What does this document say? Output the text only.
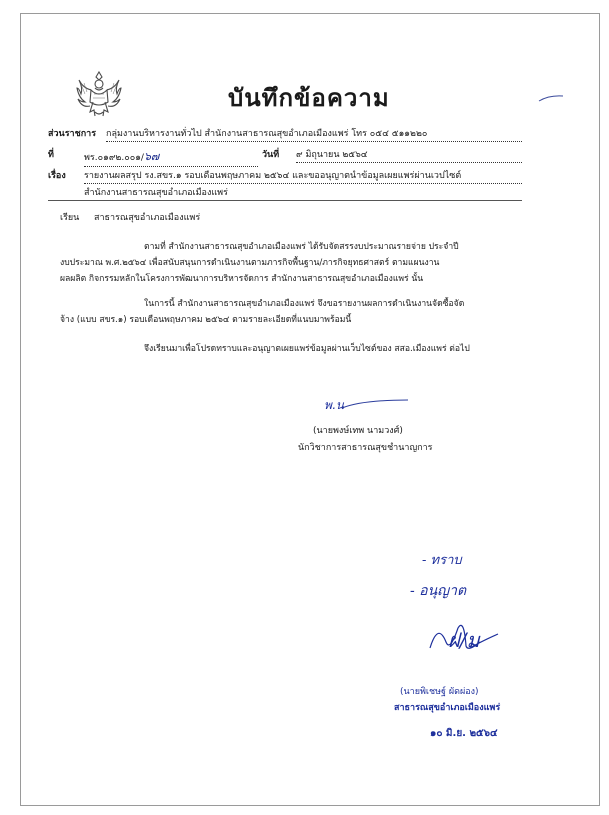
บันทึกข้อความ
ส่วนราชการ กลุ่มงานบริหารงานทั่วไป สำนักงานสาธารณสุขอำเภอเมืองแพร่ โทร ๐๕๔ ๕๑๑๒๒๐
ที่	พร.๐๑๙๒.๐๐๑/๖๗	วันที่ ๙ มิถุนายน ๒๕๖๔
เรื่อง รายงานผลสรุป รง.สขร.๑ รอบเดือนพฤษภาคม ๒๕๖๔ และขออนุญาตนำข้อมูลเผยแพร่ผ่านเวปไซต์
สำนักงานสาธารณสุขอำเภอเมืองแพร่
เรียน สาธารณสุขอำเภอเมืองแพร่
ตามที่ สำนักงานสาธารณสุขอำเภอเมืองแพร่ ได้รับจัดสรรงบประมาณรายจ่าย ประจำปี
งบประมาณ พ.ศ.๒๕๖๔ เพื่อสนับสนุนการดำเนินงานตามภารกิจพื้นฐาน/ภารกิจยุทธศาสตร์ ตามแผนงาน
ผลผลิต กิจกรรมหลักในโครงการพัฒนาการบริหารจัดการ สำนักงานสาธารณสุขอำเภอเมืองแพร่ นั้น
ในการนี้ สำนักงานสาธารณสุขอำเภอเมืองแพร่ จึงขอรายงานผลการดำเนินงานจัดซื้อจัด
จ้าง (แบบ สขร.๑) รอบเดือนพฤษภาคม ๒๕๖๔ ตามรายละเอียดที่แนบมาพร้อมนี้
จึงเรียนมาเพื่อโปรดทราบและอนุญาตเผยแพร่ข้อมูลผ่านเว็บไซต์ของ สสอ.เมืองแพร่ ต่อไป
พ.น
(นายพงษ์เทพ นามวงศ์)
นักวิชาการสาธารณสุขชำนาญการ
- ทราบ
- อนุญาต
ฝ/ม
(นายพิเชษฐ์ ผัดผ่อง)
สาธารณสุขอำเภอเมืองแพร่
๑๐ มิ.ย. ๒๕๖๔
